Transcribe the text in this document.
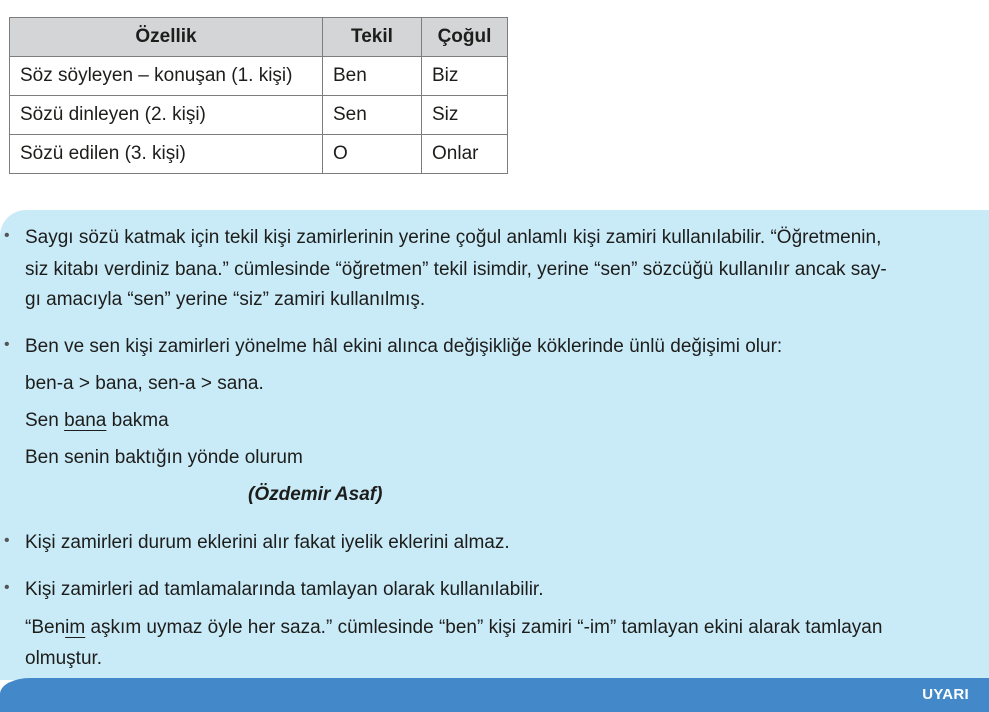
Özellik	Tekil	Çoğul
Söz söyleyen – konuşan (1. kişi)	Ben	Biz
Sözü dinleyen (2. kişi)	Sen	Siz
Sözü edilen (3. kişi)	O	Onlar
• Saygı sözü katmak için tekil kişi zamirlerinin yerine çoğul anlamlı kişi zamiri kullanılabilir. “Öğretmenin,
siz kitabı verdiniz bana.” cümlesinde “öğretmen” tekil isimdir, yerine “sen” sözcüğü kullanılır ancak say-
gı amacıyla “sen” yerine “siz” zamiri kullanılmış.
• Ben ve sen kişi zamirleri yönelme hâl ekini alınca değişikliğe köklerinde ünlü değişimi olur:
ben-a > bana, sen-a > sana.
Sen bana bakma
Ben senin baktığın yönde olurum
(Özdemir Asaf)
• Kişi zamirleri durum eklerini alır fakat iyelik eklerini almaz.
• Kişi zamirleri ad tamlamalarında tamlayan olarak kullanılabilir.
“Benim aşkım uymaz öyle her saza.” cümlesinde “ben” kişi zamiri “-im” tamlayan ekini alarak tamlayan
olmuştur.
UYARI
